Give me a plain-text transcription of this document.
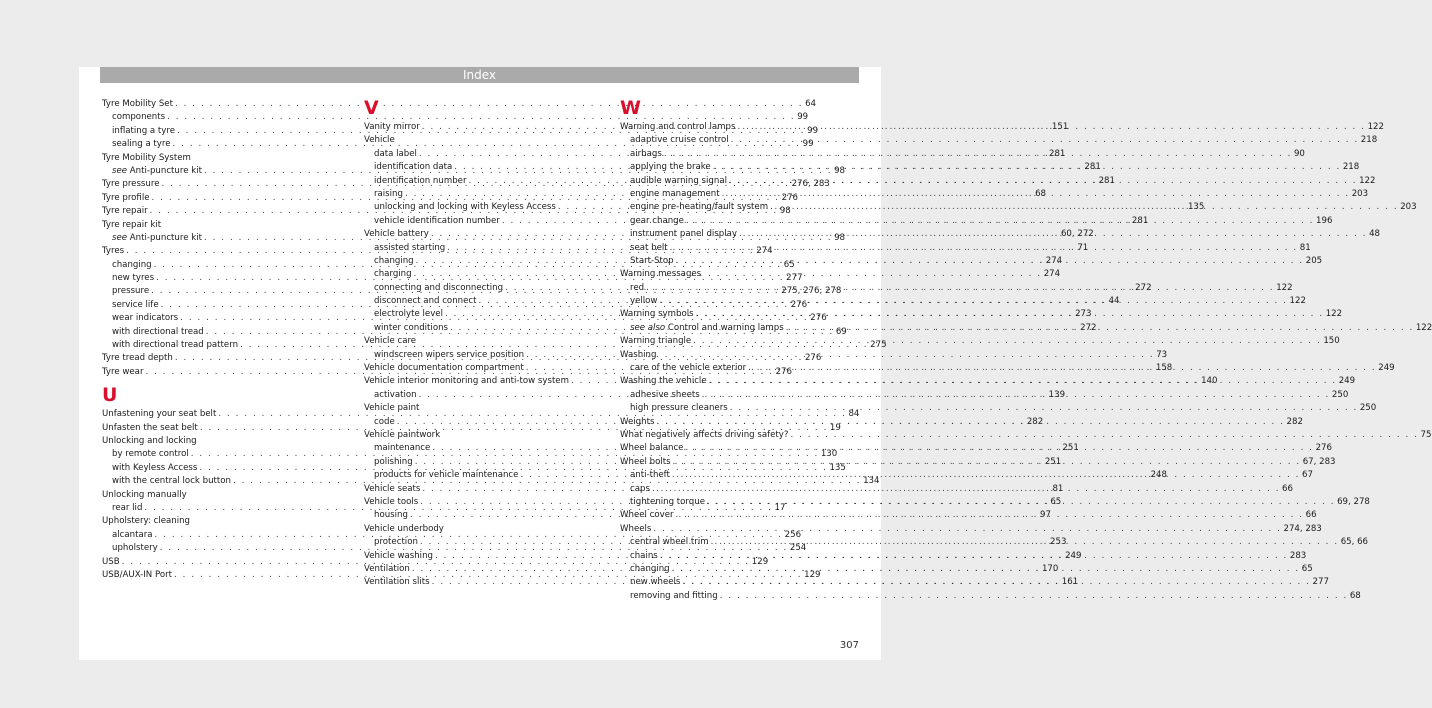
Index
Tyre Mobility Set . . .	64
components . . .	99
inflating a tyre . . .	99
sealing a tyre . . .	99
Tyre Mobility System
see Anti-puncture kit . . .	98
Tyre pressure . . .	276, 283
Tyre profile . . .	276
Tyre repair . . .	98
Tyre repair kit
see Anti-puncture kit . . .	98
Tyres . . .	274
changing . . .	65
new tyres . . .	277
pressure . . .	275, 276, 278
service life . . .	276
wear indicators . . .	276
with directional tread . . .	69
with directional tread pattern . . .	275
Tyre tread depth . . .	276
Tyre wear . . .	276
U
Unfastening your seat belt . . .	84
Unfasten the seat belt . . .	19
Unlocking and locking
by remote control . . .	130
with Keyless Access . . .	135
with the central lock button . . .	134
Unlocking manually
rear lid . . .	17
Upholstery: cleaning
alcantara . . .	256
upholstery . . .	254
USB . . .	129
USB/AUX-IN Port . . .	129
V
Vanity mirror . . .	151
Vehicle
data label . . .	281
identification data . . .	281
identification number . . .	281
raising . . .	68
unlocking and locking with Keyless Access . . .	135
vehicle identification number . . .	281
Vehicle battery . . .	60, 272
assisted starting . . .	71
changing . . .	274
charging . . .	274
connecting and disconnecting . . .	272
disconnect and connect . . .	44
electrolyte level . . .	273
winter conditions . . .	272
Vehicle care
windscreen wipers service position . . .	73
Vehicle documentation compartment . . .	158
Vehicle interior monitoring and anti-tow system . . .	140
activation . . .	139
Vehicle paint
code . . .	282
Vehicle paintwork
maintenance . . .	251
polishing . . .	251
products for vehicle maintenance . . .	248
Vehicle seats . . .	81
Vehicle tools . . .	65
housing . . .	97
Vehicle underbody
protection . . .	253
Vehicle washing . . .	249
Ventilation . . .	170
Ventilation slits . . .	161
W
Warning and control lamps . . .	122
adaptive cruise control . . .	218
airbags . . .	90
applying the brake . . .	218
audible warning signal . . .	122
engine management . . .	203
engine pre-heating/fault system . . .	203
gear change . . .	196
instrument panel display . . .	48
seat belt . . .	81
Start-Stop . . .	205
Warning messages
red . . .	122
yellow . . .	122
Warning symbols . . .	122
see also Control and warning lamps . . .	122
Warning triangle . . .	150
Washing
care of the vehicle exterior . . .	249
Washing the vehicle . . .	249
adhesive sheets . . .	250
high pressure cleaners . . .	250
Weights . . .	282
What negatively affects driving safety? . . .	75
Wheel balance . . .	276
Wheel bolts . . .	67, 283
anti-theft . . .	67
caps . . .	66
tightening torque . . .	69, 278
Wheel cover . . .	66
Wheels . . .	274, 283
central wheel trim . . .	65, 66
chains . . .	283
changing . . .	65
new wheels . . .	277
removing and fitting . . .	68
307
